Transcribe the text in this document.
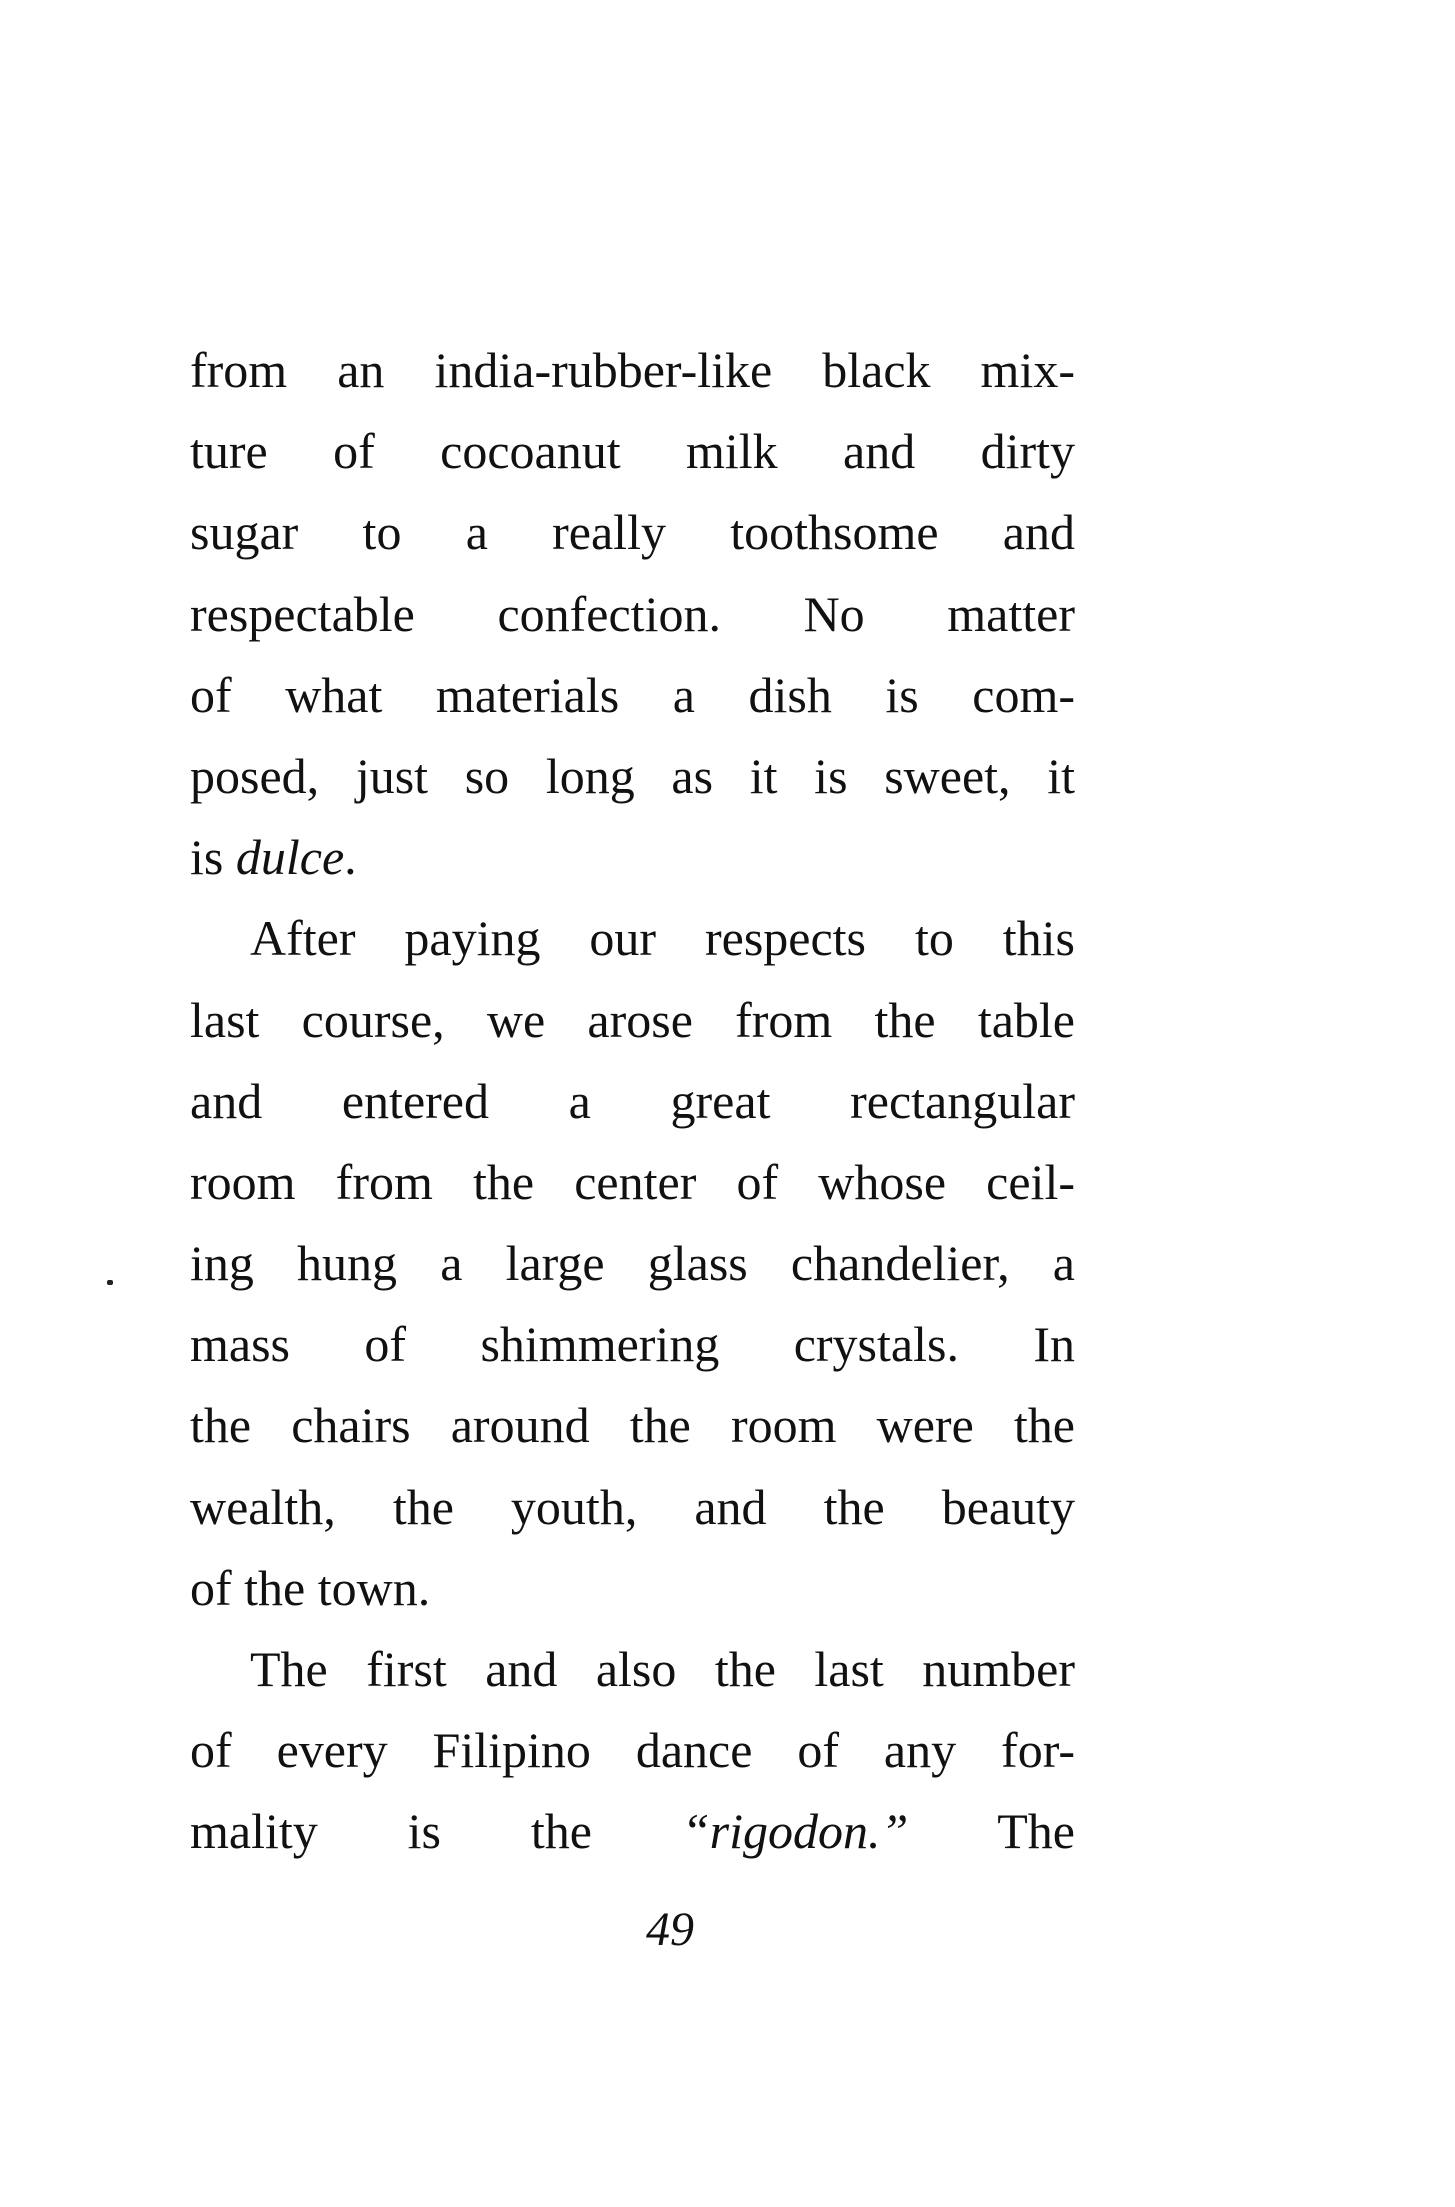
from an india-rubber-like black mix-
ture of cocoanut milk and dirty
sugar to a really toothsome and
respectable confection. No matter
of what materials a dish is com-
posed, just so long as it is sweet, it
is dulce.
After paying our respects to this
last course, we arose from the table
and entered a great rectangular
room from the center of whose ceil-
ing hung a large glass chandelier, a
mass of shimmering crystals. In
the chairs around the room were the
wealth, the youth, and the beauty
of the town.
The first and also the last number
of every Filipino dance of any for-
mality is the “rigodon.” The
49
